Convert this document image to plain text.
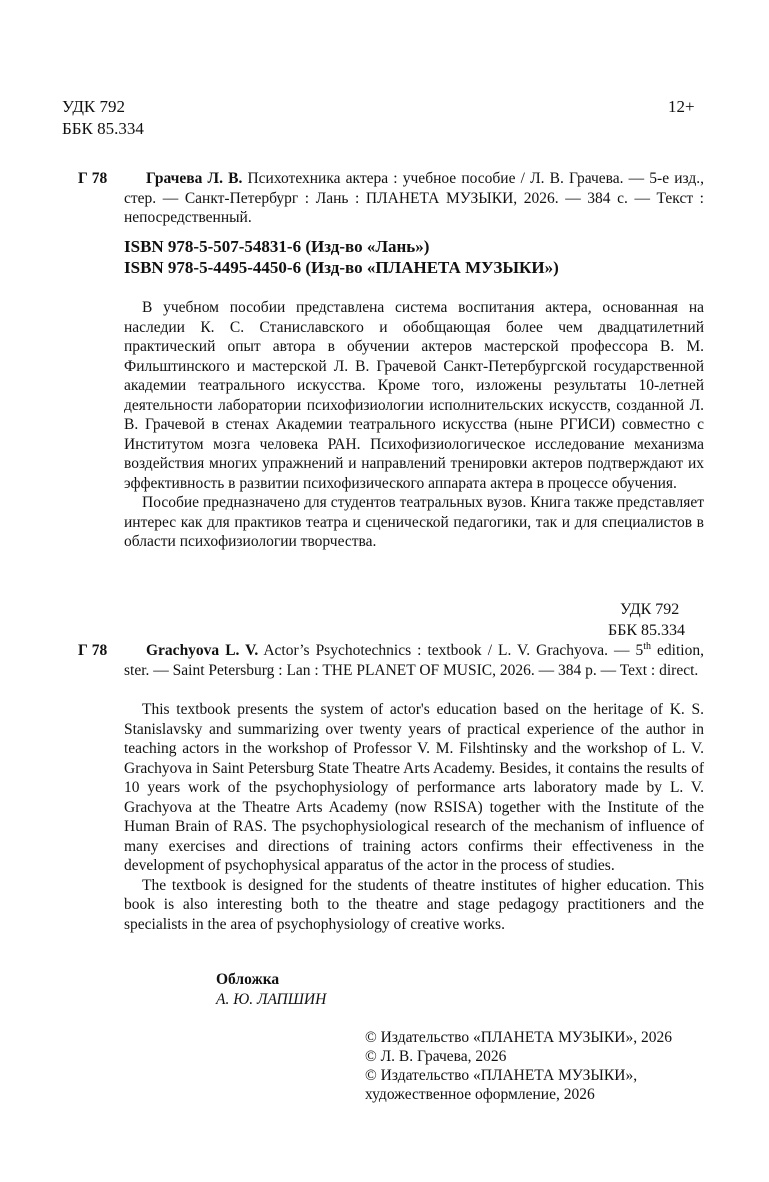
УДК 792
ББК 85.334
12+
Г 78	Грачева Л. В. Психотехника актера : учебное пособие / Л. В. Грачева. — 5-е изд., стер. — Санкт-Петербург : Лань : ПЛАНЕТА МУЗЫКИ, 2026. — 384 с. — Текст : непосредственный.
ISBN 978-5-507-54831-6 (Изд-во «Лань»)
ISBN 978-5-4495-4450-6 (Изд-во «ПЛАНЕТА МУЗЫКИ»)

В учебном пособии представлена система воспитания актера, основанная на наследии К. С. Станиславского и обобщающая более чем двадцатилетний практический опыт автора в обучении актеров мастерской профессора В. М. Фильштинского и мастерской Л. В. Грачевой Санкт-Петербургской государственной академии театрального искусства. Кроме того, изложены результаты 10-летней деятельности лаборатории психофизиологии исполнительских искусств, созданной Л. В. Грачевой в стенах Академии театрального искусства (ныне РГИСИ) совместно с Институтом мозга человека РАН. Психофизиологическое исследование механизма воздействия многих упражнений и направлений тренировки актеров подтверждают их эффективность в развитии психофизического аппарата актера в процессе обучения.

Пособие предназначено для студентов театральных вузов. Книга также представляет интерес как для практиков театра и сценической педагогики, так и для специалистов в области психофизиологии творчества.

УДК 792
ББК 85.334
Г 78	Grachyova L. V. Actor’s Psychotechnics : textbook / L. V. Grachyova. — 5th edition, ster. — Saint Petersburg : Lan : THE PLANET OF MUSIC, 2026. — 384 p. — Text : direct.

This textbook presents the system of actor's education based on the heritage of K. S. Stanislavsky and summarizing over twenty years of practical experience of the author in teaching actors in the workshop of Professor V. M. Filshtinsky and the workshop of L. V. Grachyova in Saint Petersburg State Theatre Arts Academy. Besides, it contains the results of 10 years work of the psychophysiology of performance arts laboratory made by L. V. Grachyova at the Theatre Arts Academy (now RSISA) together with the Institute of the Human Brain of RAS. The psychophysiological research of the mechanism of influence of many exercises and directions of training actors confirms their effectiveness in the development of psychophysical apparatus of the actor in the process of studies.

The textbook is designed for the students of theatre institutes of higher education. This book is also interesting both to the theatre and stage pedagogy practitioners and the specialists in the area of psychophysiology of creative works.

Обложка
А. Ю. ЛАПШИН
© Издательство «ПЛАНЕТА МУЗЫКИ», 2026
© Л. В. Грачева, 2026
© Издательство «ПЛАНЕТА МУЗЫКИ»,
художественное оформление, 2026
